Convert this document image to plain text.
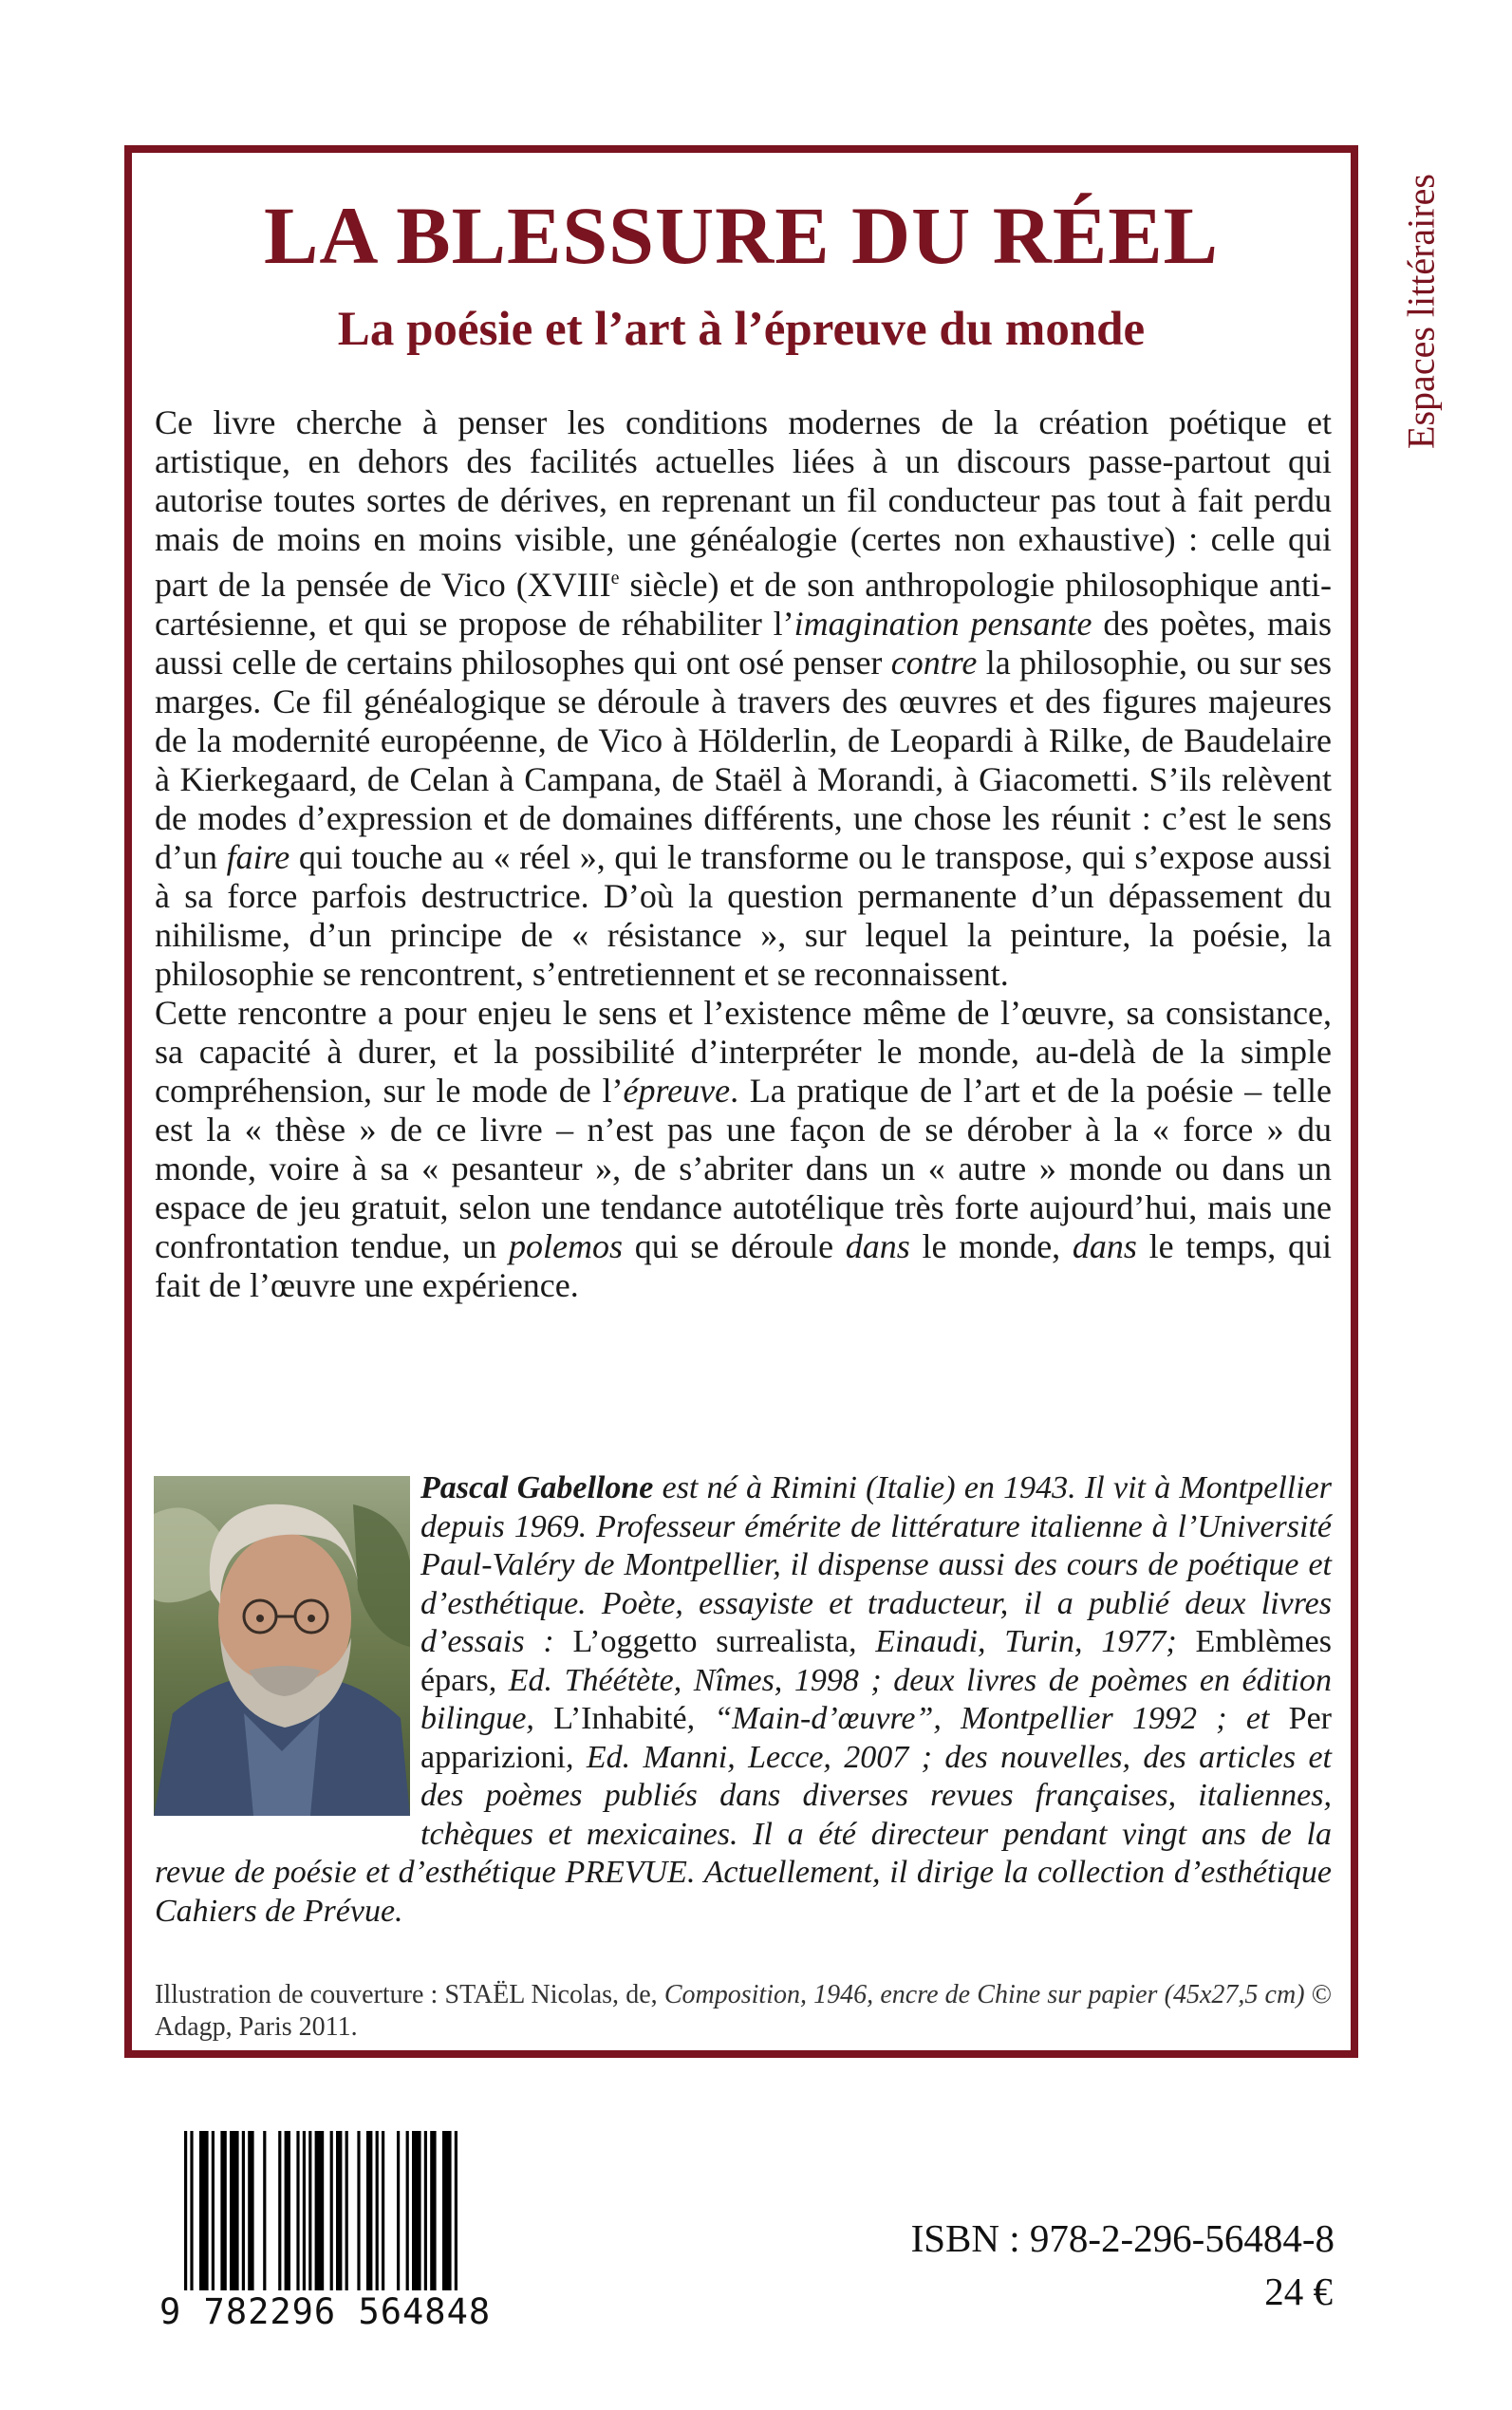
Espaces littéraires
LA BLESSURE DU RÉEL
La poésie et l’art à l’épreuve du monde

Ce livre cherche à penser les conditions modernes de la création poétique et artistique, en dehors des facilités actuelles liées à un discours passe-partout qui autorise toutes sortes de dérives, en reprenant un fil conducteur pas tout à fait perdu mais de moins en moins visible, une généalogie (certes non exhaustive) : celle qui part de la pensée de Vico (XVIIIe siècle) et de son anthropologie philosophique anti-cartésienne, et qui se propose de réhabiliter l’imagination pensante des poètes, mais aussi celle de certains philosophes qui ont osé penser contre la philosophie, ou sur ses marges. Ce fil généalogique se déroule à travers des œuvres et des figures majeures de la modernité européenne, de Vico à Hölderlin, de Leopardi à Rilke, de Baudelaire à Kierkegaard, de Celan à Campana, de Staël à Morandi, à Giacometti. S’ils relèvent de modes d’expression et de domaines différents, une chose les réunit : c’est le sens d’un faire qui touche au « réel », qui le transforme ou le transpose, qui s’expose aussi à sa force parfois destructrice. D’où la question permanente d’un dépassement du nihilisme, d’un principe de « résistance », sur lequel la peinture, la poésie, la philosophie se rencontrent, s’entretiennent et se reconnaissent.

Cette rencontre a pour enjeu le sens et l’existence même de l’œuvre, sa consistance, sa capacité à durer, et la possibilité d’interpréter le monde, au-delà de la simple compréhension, sur le mode de l’épreuve. La pratique de l’art et de la poésie – telle est la « thèse » de ce livre – n’est pas une façon de se dérober à la « force » du monde, voire à sa « pesanteur », de s’abriter dans un « autre » monde ou dans un espace de jeu gratuit, selon une tendance autotélique très forte aujourd’hui, mais une confrontation tendue, un polemos qui se déroule dans le monde, dans le temps, qui fait de l’œuvre une expérience.

Pascal Gabellone est né à Rimini (Italie) en 1943. Il vit à Montpellier depuis 1969. Professeur émérite de littérature italienne à l’Université Paul-Valéry de Montpellier, il dispense aussi des cours de poétique et d’esthétique. Poète, essayiste et traducteur, il a publié deux livres d’essais : L’oggetto surrealista, Einaudi, Turin, 1977; Emblèmes épars, Ed. Théétète, Nîmes, 1998 ; deux livres de poèmes en édition bilingue, L’Inhabité, “Main-d’œuvre”, Montpellier 1992 ; et Per apparizioni, Ed. Manni, Lecce, 2007 ; des nouvelles, des articles et des poèmes publiés dans diverses revues françaises, italiennes, tchèques et mexicaines. Il a été directeur pendant vingt ans de la revue de poésie et d’esthétique PREVUE. Actuellement, il dirige la collection d’esthétique Cahiers de Prévue.

Illustration de couverture : STAËL Nicolas, de, Composition, 1946, encre de Chine sur papier (45x27,5 cm) © Adagp, Paris 2011.

9 782296 564848
ISBN : 978-2-296-56484-8
24 €
